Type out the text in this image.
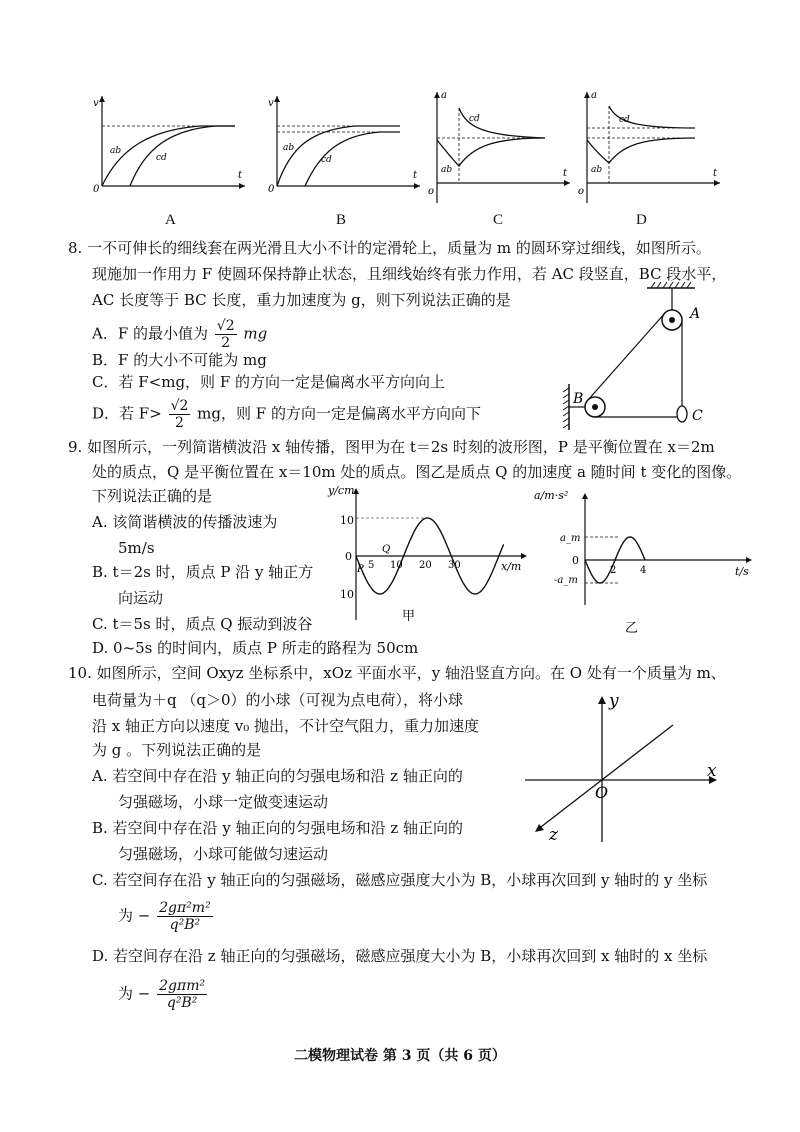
v
t
0
ab
cd
v
t
0
ab
cd
a
t
o
cd
ab
a
t
o
cd
ab
A	B	C	D
8. 一不可伸长的细线套在两光滑且大小不计的定滑轮上，质量为 m 的圆环穿过细线，如图所示。
现施加一作用力 F 使圆环保持静止状态，且细线始终有张力作用，若 AC 段竖直，BC 段水平，
AC 长度等于 BC 长度，重力加速度为 g，则下列说法正确的是
A．F 的最小值为 $\frac{√2}{2}$ mg
B．F 的大小不可能为 mg
C．若 F<mg，则 F 的方向一定是偏离水平方向向上
D．若 $F> \frac{√2}{2}$ mg，则 F 的方向一定是偏离水平方向向下
A
B
C
9. 如图所示，一列简谐横波沿 x 轴传播，图甲为在 t＝2s 时刻的波形图，P 是平衡位置在 x＝2m
处的质点，Q 是平衡位置在 x＝10m 处的质点。图乙是质点 Q 的加速度 a 随时间 t 变化的图像。
下列说法正确的是
A. 该简谐横波的传播波速为
5m/s
B. t＝2s 时，质点 P 沿 y 轴正方
向运动
C. t＝5s 时，质点 Q 振动到波谷
D. 0~5s 的时间内，质点 P 所走的路程为 50cm
y/cm
x/m
10
0
10
5 10 20 30
P
Q
甲
a/m·s²
t/s
a_m
0
-a_m
2 4
乙
10. 如图所示，空间 Oxyz 坐标系中，xOz 平面水平，y 轴沿竖直方向。在 O 处有一个质量为 m、
电荷量为＋q （q＞0）的小球（可视为点电荷），将小球
沿 x 轴正方向以速度 v₀ 抛出，不计空气阻力，重力加速度
为 g 。下列说法正确的是
A. 若空间中存在沿 y 轴正向的匀强电场和沿 z 轴正向的
匀强磁场，小球一定做变速运动
B. 若空间中存在沿 y 轴正向的匀强电场和沿 z 轴正向的
匀强磁场，小球可能做匀速运动
C. 若空间存在沿 y 轴正向的匀强磁场，磁感应强度大小为 B，小球再次回到 y 轴时的 y 坐标
为 − $\frac{\text{2gπ²m²}}{\text{q²B²}}$
D. 若空间存在沿 z 轴正向的匀强磁场，磁感应强度大小为 B，小球再次回到 x 轴时的 x 坐标
为 − $\frac{\text{2gπm²}}{\text{q²B²}}$
y
x
z
O
二模物理试卷 第 3 页（共 6 页）
